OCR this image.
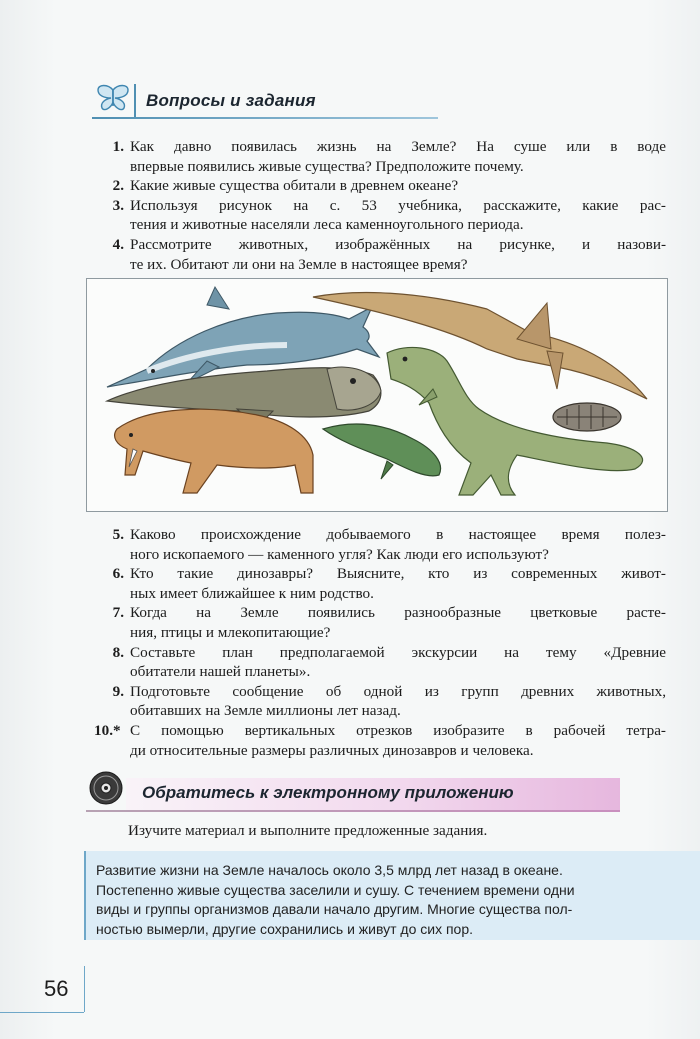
Вопросы и задания
1. Как давно появилась жизнь на Земле? На суше или в воде
впервые появились живые существа? Предположите почему.
2. Какие живые существа обитали в древнем океане?
3. Используя рисунок на с. 53 учебника, расскажите, какие рас-
тения и животные населяли леса каменноугольного периода.
4. Рассмотрите животных, изображённых на рисунке, и назови-
те их. Обитают ли они на Земле в настоящее время?
5. Каково происхождение добываемого в настоящее время полез-
ного ископаемого — каменного угля? Как люди его используют?
6. Кто такие динозавры? Выясните, кто из современных живот-
ных имеет ближайшее к ним родство.
7. Когда на Земле появились разнообразные цветковые расте-
ния, птицы и млекопитающие?
8. Составьте план предполагаемой экскурсии на тему «Древние
обитатели нашей планеты».
9. Подготовьте сообщение об одной из групп древних животных,
обитавших на Земле миллионы лет назад.
10.* С помощью вертикальных отрезков изобразите в рабочей тетра-
ди относительные размеры различных динозавров и человека.
Обратитесь к электронному приложению
Изучите материал и выполните предложенные задания.
Развитие жизни на Земле началось около 3,5 млрд лет назад в океане.
Постепенно живые существа заселили и сушу. С течением времени одни
виды и группы организмов давали начало другим. Многие существа пол-
ностью вымерли, другие сохранились и живут до сих пор.
56
